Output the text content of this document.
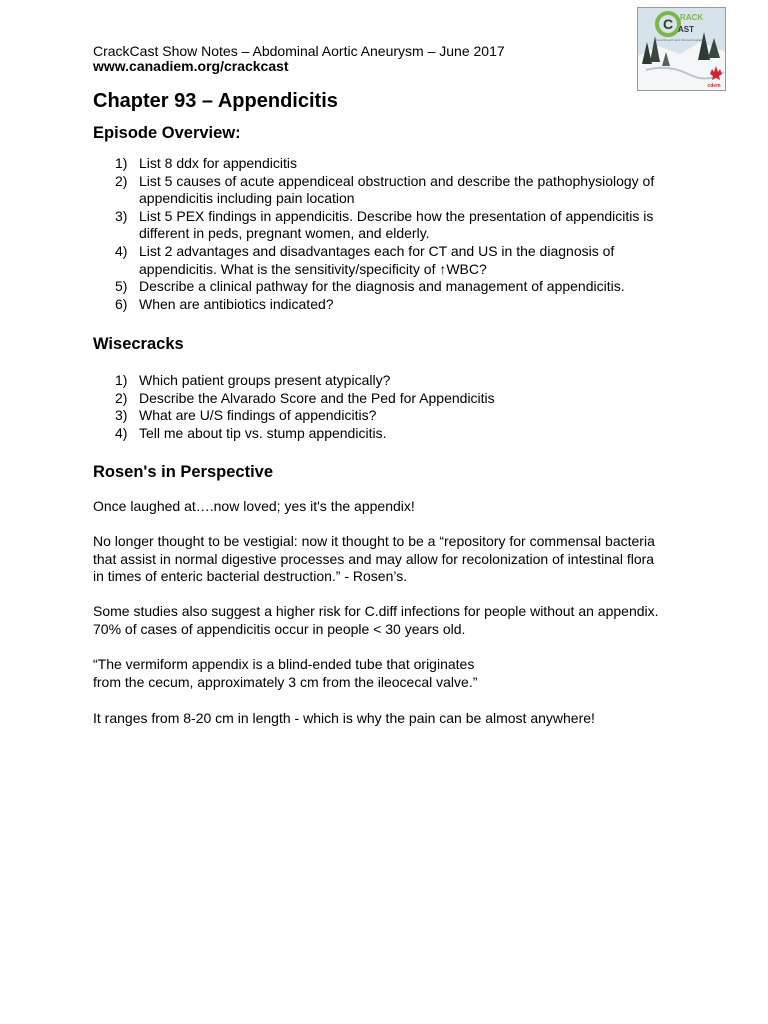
CrackCast Show Notes – Abdominal Aortic Aneurysm – June 2017
www.canadiem.org/crackcast
C RACK
AST
Core Rosen's and Clinical Knowledge
cdem
Chapter 93 – Appendicitis
Episode Overview:
1) List 8 ddx for appendicitis
2) List 5 causes of acute appendiceal obstruction and describe the pathophysiology of
appendicitis including pain location
3) List 5 PEX findings in appendicitis. Describe how the presentation of appendicitis is
different in peds, pregnant women, and elderly.
4) List 2 advantages and disadvantages each for CT and US in the diagnosis of
appendicitis. What is the sensitivity/specificity of ↑WBC?
5) Describe a clinical pathway for the diagnosis and management of appendicitis.
6) When are antibiotics indicated?
Wisecracks
1) Which patient groups present atypically?
2) Describe the Alvarado Score and the Ped for Appendicitis
3) What are U/S findings of appendicitis?
4) Tell me about tip vs. stump appendicitis.
Rosen's in Perspective

Once laughed at….now loved; yes it's the appendix!

No longer thought to be vestigial: now it thought to be a “repository for commensal bacteria
that assist in normal digestive processes and may allow for recolonization of intestinal flora
in times of enteric bacterial destruction.” - Rosen’s.

Some studies also suggest a higher risk for C.diff infections for people without an appendix.
70% of cases of appendicitis occur in people < 30 years old.

“The vermiform appendix is a blind-ended tube that originates
from the cecum, approximately 3 cm from the ileocecal valve.”

It ranges from 8-20 cm in length - which is why the pain can be almost anywhere!
